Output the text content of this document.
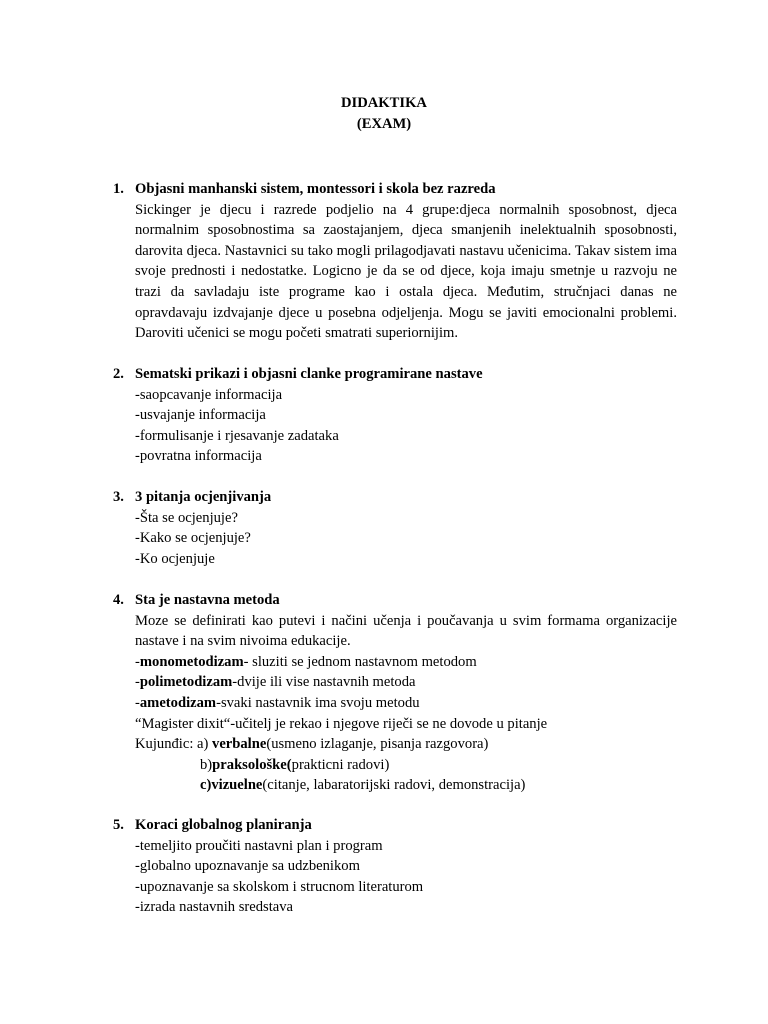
DIDAKTIKA
(EXAM)
1. Objasni manhanski sistem, montessori i skola bez razreda
Sickinger je djecu i razrede podjelio na 4 grupe:djeca normalnih sposobnost, djeca normalnim sposobnostima sa zaostajanjem, djeca smanjenih inelektualnih sposobnosti, darovita djeca. Nastavnici su tako mogli prilagodjavati nastavu učenicima. Takav sistem ima svoje prednosti i nedostatke. Logicno je da se od djece, koja imaju smetnje u razvoju ne trazi da savladaju iste programe kao i ostala djeca. Međutim, stručnjaci danas ne opravdavaju izdvajanje djece u posebna odjeljenja. Mogu se javiti emocionalni problemi. Daroviti učenici se mogu početi smatrati superiornijim.
2. Sematski prikazi i objasni clanke programirane nastave
-saopcavanje informacija
-usvajanje informacija
-formulisanje i rjesavanje zadataka
-povratna informacija
3. 3 pitanja ocjenjivanja
-Šta se ocjenjuje?
-Kako se ocjenjuje?
-Ko ocjenjuje
4. Sta je nastavna metoda
Moze se definirati kao putevi i načini učenja i poučavanja u svim formama organizacije nastave i na svim nivoima edukacije.
-monometodizam- sluziti se jednom nastavnom metodom
-polimetodizam-dvije ili vise nastavnih metoda
-ametodizam-svaki nastavnik ima svoju metodu
“Magister dixit“-učitelj je rekao i njegove riječi se ne dovode u pitanje
Kujunđic: a) verbalne(usmeno izlaganje, pisanja razgovora)
b)praksološke(prakticni radovi)
c)vizuelne(citanje, labaratorijski radovi, demonstracija)
5. Koraci globalnog planiranja
-temeljito proučiti nastavni plan i program
-globalno upoznavanje sa udzbenikom
-upoznavanje sa skolskom i strucnom literaturom
-izrada nastavnih sredstava
